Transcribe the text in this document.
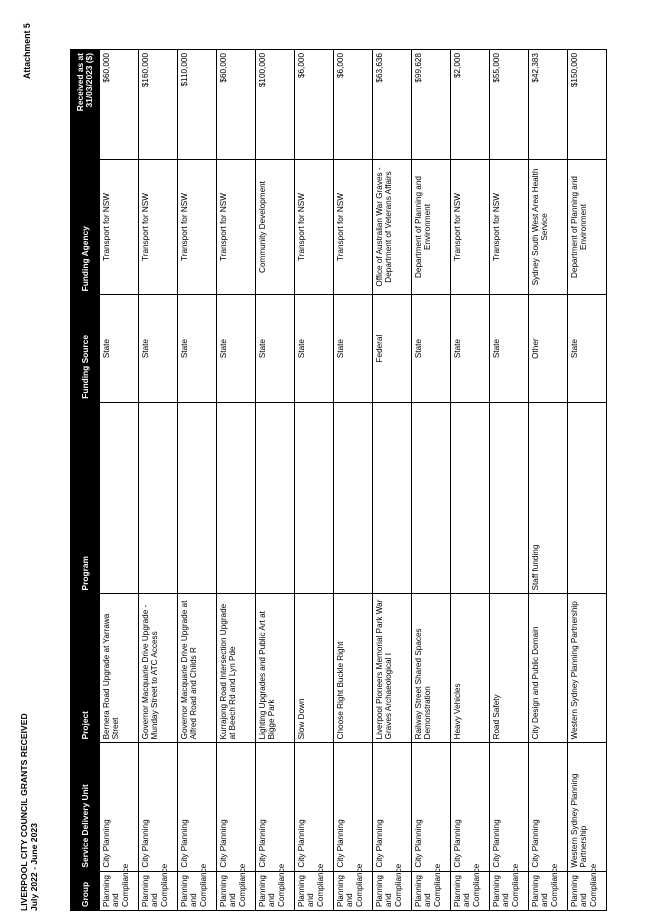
LIVERPOOL CITY COUNCIL GRANTS RECEIVED July 2022 - June 2023
Attachment 5
Group	Service Delivery Unit	Project	Program	Funding Source	Funding Agency	Received as at 31/03/2023 ($)

Planning and Compliance	City Planning	Bernera Road Upgrade at Yarrawa Street		State	Transport for NSW	$60,000
Planning and Compliance	City Planning	Governor Macquarie Drive Upgrade - Munday Street to ATC Access		State	Transport for NSW	$160,000
Planning and Compliance	City Planning	Governor Macquarie Drive Upgrade at Alfred Road and Childs R		State	Transport for NSW	$110,000
Planning and Compliance	City Planning	Kurrajong Road Intersection Upgrade at Beech Rd and Lyn Pde		State	Transport for NSW	$60,000
Planning and Compliance	City Planning	Lighting Upgrades and Public Art at Bigge Park		State	Community Development	$100,000
Planning and Compliance	City Planning	Slow Down		State	Transport for NSW	$6,000
Planning and Compliance	City Planning	Choose Right Buckle Right		State	Transport for NSW	$6,000
Planning and Compliance	City Planning	Liverpool Pioneers Memorial Park War Graves Archaeological I		Federal	Office of Australian War Graves - Department of Veterans Affairs	$63,636
Planning and Compliance	City Planning	Railway Street Shared Spaces Demonstration		State	Department of Planning and Environment	$99,628
Planning and Compliance	City Planning	Heavy Vehicles		State	Transport for NSW	$2,000
Planning and Compliance	City Planning	Road Safety		State	Transport for NSW	$55,000
Planning and Compliance	City Planning	City Design and Public Domain	Staff funding	Other	Sydney South West Area Health Service	$42,383
Planning and Compliance	Western Sydney Planning Partnership	Western Sydney Planning Partnership		State	Department of Planning and Environment	$150,000
